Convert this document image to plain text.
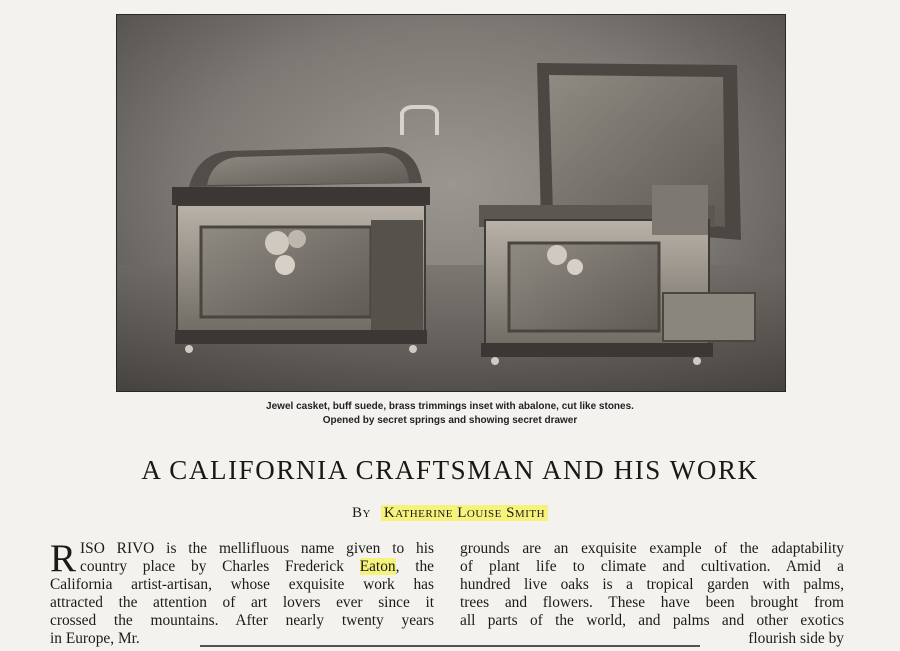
Jewel casket, buff suede, brass trimmings inset with abalone, cut like stones.
Opened by secret springs and showing secret drawer
A CALIFORNIA CRAFTSMAN AND HIS WORK
By Katherine Louise Smith
R ISO RIVO is the mellifluous name given to his
country place by Charles Frederick Eaton, the
California artist-artisan, whose exquisite work has
attracted the attention of art lovers ever since it
crossed the mountains. After nearly twenty years
in Europe, Mr.
grounds are an exquisite example of the adaptability
of plant life to climate and cultivation. Amid a
hundred live oaks is a tropical garden with palms,
trees and flowers. These have been brought from
all parts of the world, and palms and other exotics
flourish side by
